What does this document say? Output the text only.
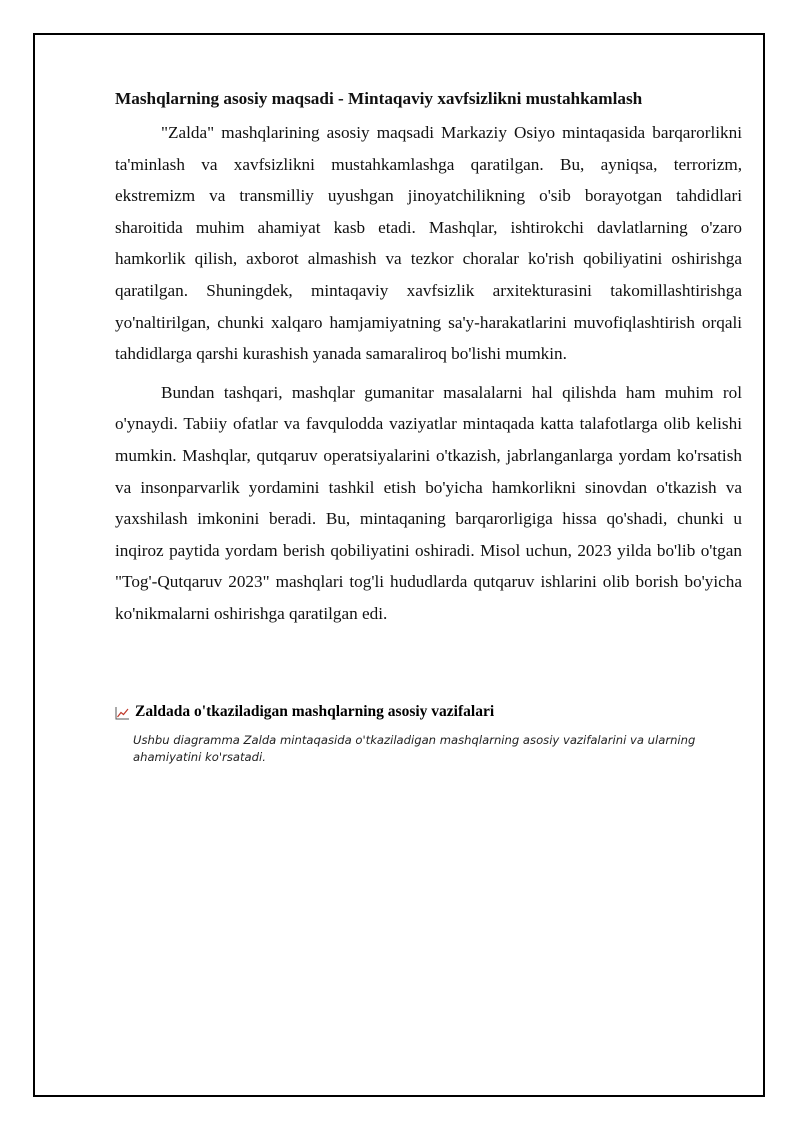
Mashqlarning asosiy maqsadi - Mintaqaviy xavfsizlikni mustahkamlash

"Zalda" mashqlarining asosiy maqsadi Markaziy Osiyo mintaqasida barqarorlikni ta'minlash va xavfsizlikni mustahkamlashga qaratilgan. Bu, ayniqsa, terrorizm, ekstremizm va transmilliy uyushgan jinoyatchilikning o'sib borayotgan tahdidlari sharoitida muhim ahamiyat kasb etadi. Mashqlar, ishtirokchi davlatlarning o'zaro hamkorlik qilish, axborot almashish va tezkor choralar ko'rish qobiliyatini oshirishga qaratilgan. Shuningdek, mintaqaviy xavfsizlik arxitekturasini takomillashtirishga yo'naltirilgan, chunki xalqaro hamjamiyatning sa'y-harakatlarini muvofiqlashtirish orqali tahdidlarga qarshi kurashish yanada samaraliroq bo'lishi mumkin.

Bundan tashqari, mashqlar gumanitar masalalarni hal qilishda ham muhim rol o'ynaydi. Tabiiy ofatlar va favqulodda vaziyatlar mintaqada katta talafotlarga olib kelishi mumkin. Mashqlar, qutqaruv operatsiyalarini o'tkazish, jabrlanganlarga yordam ko'rsatish va insonparvarlik yordamini tashkil etish bo'yicha hamkorlikni sinovdan o'tkazish va yaxshilash imkonini beradi. Bu, mintaqaning barqarorligiga hissa qo'shadi, chunki u inqiroz paytida yordam berish qobiliyatini oshiradi. Misol uchun, 2023 yilda bo'lib o'tgan "Tog'-Qutqaruv 2023" mashqlari tog'li hududlarda qutqaruv ishlarini olib borish bo'yicha ko'nikmalarni oshirishga qaratilgan edi.

Zaldada o'tkaziladigan mashqlarning asosiy vazifalari
Ushbu diagramma Zalda mintaqasida o'tkaziladigan mashqlarning asosiy vazifalarini va ularning ahamiyatini ko'rsatadi.
